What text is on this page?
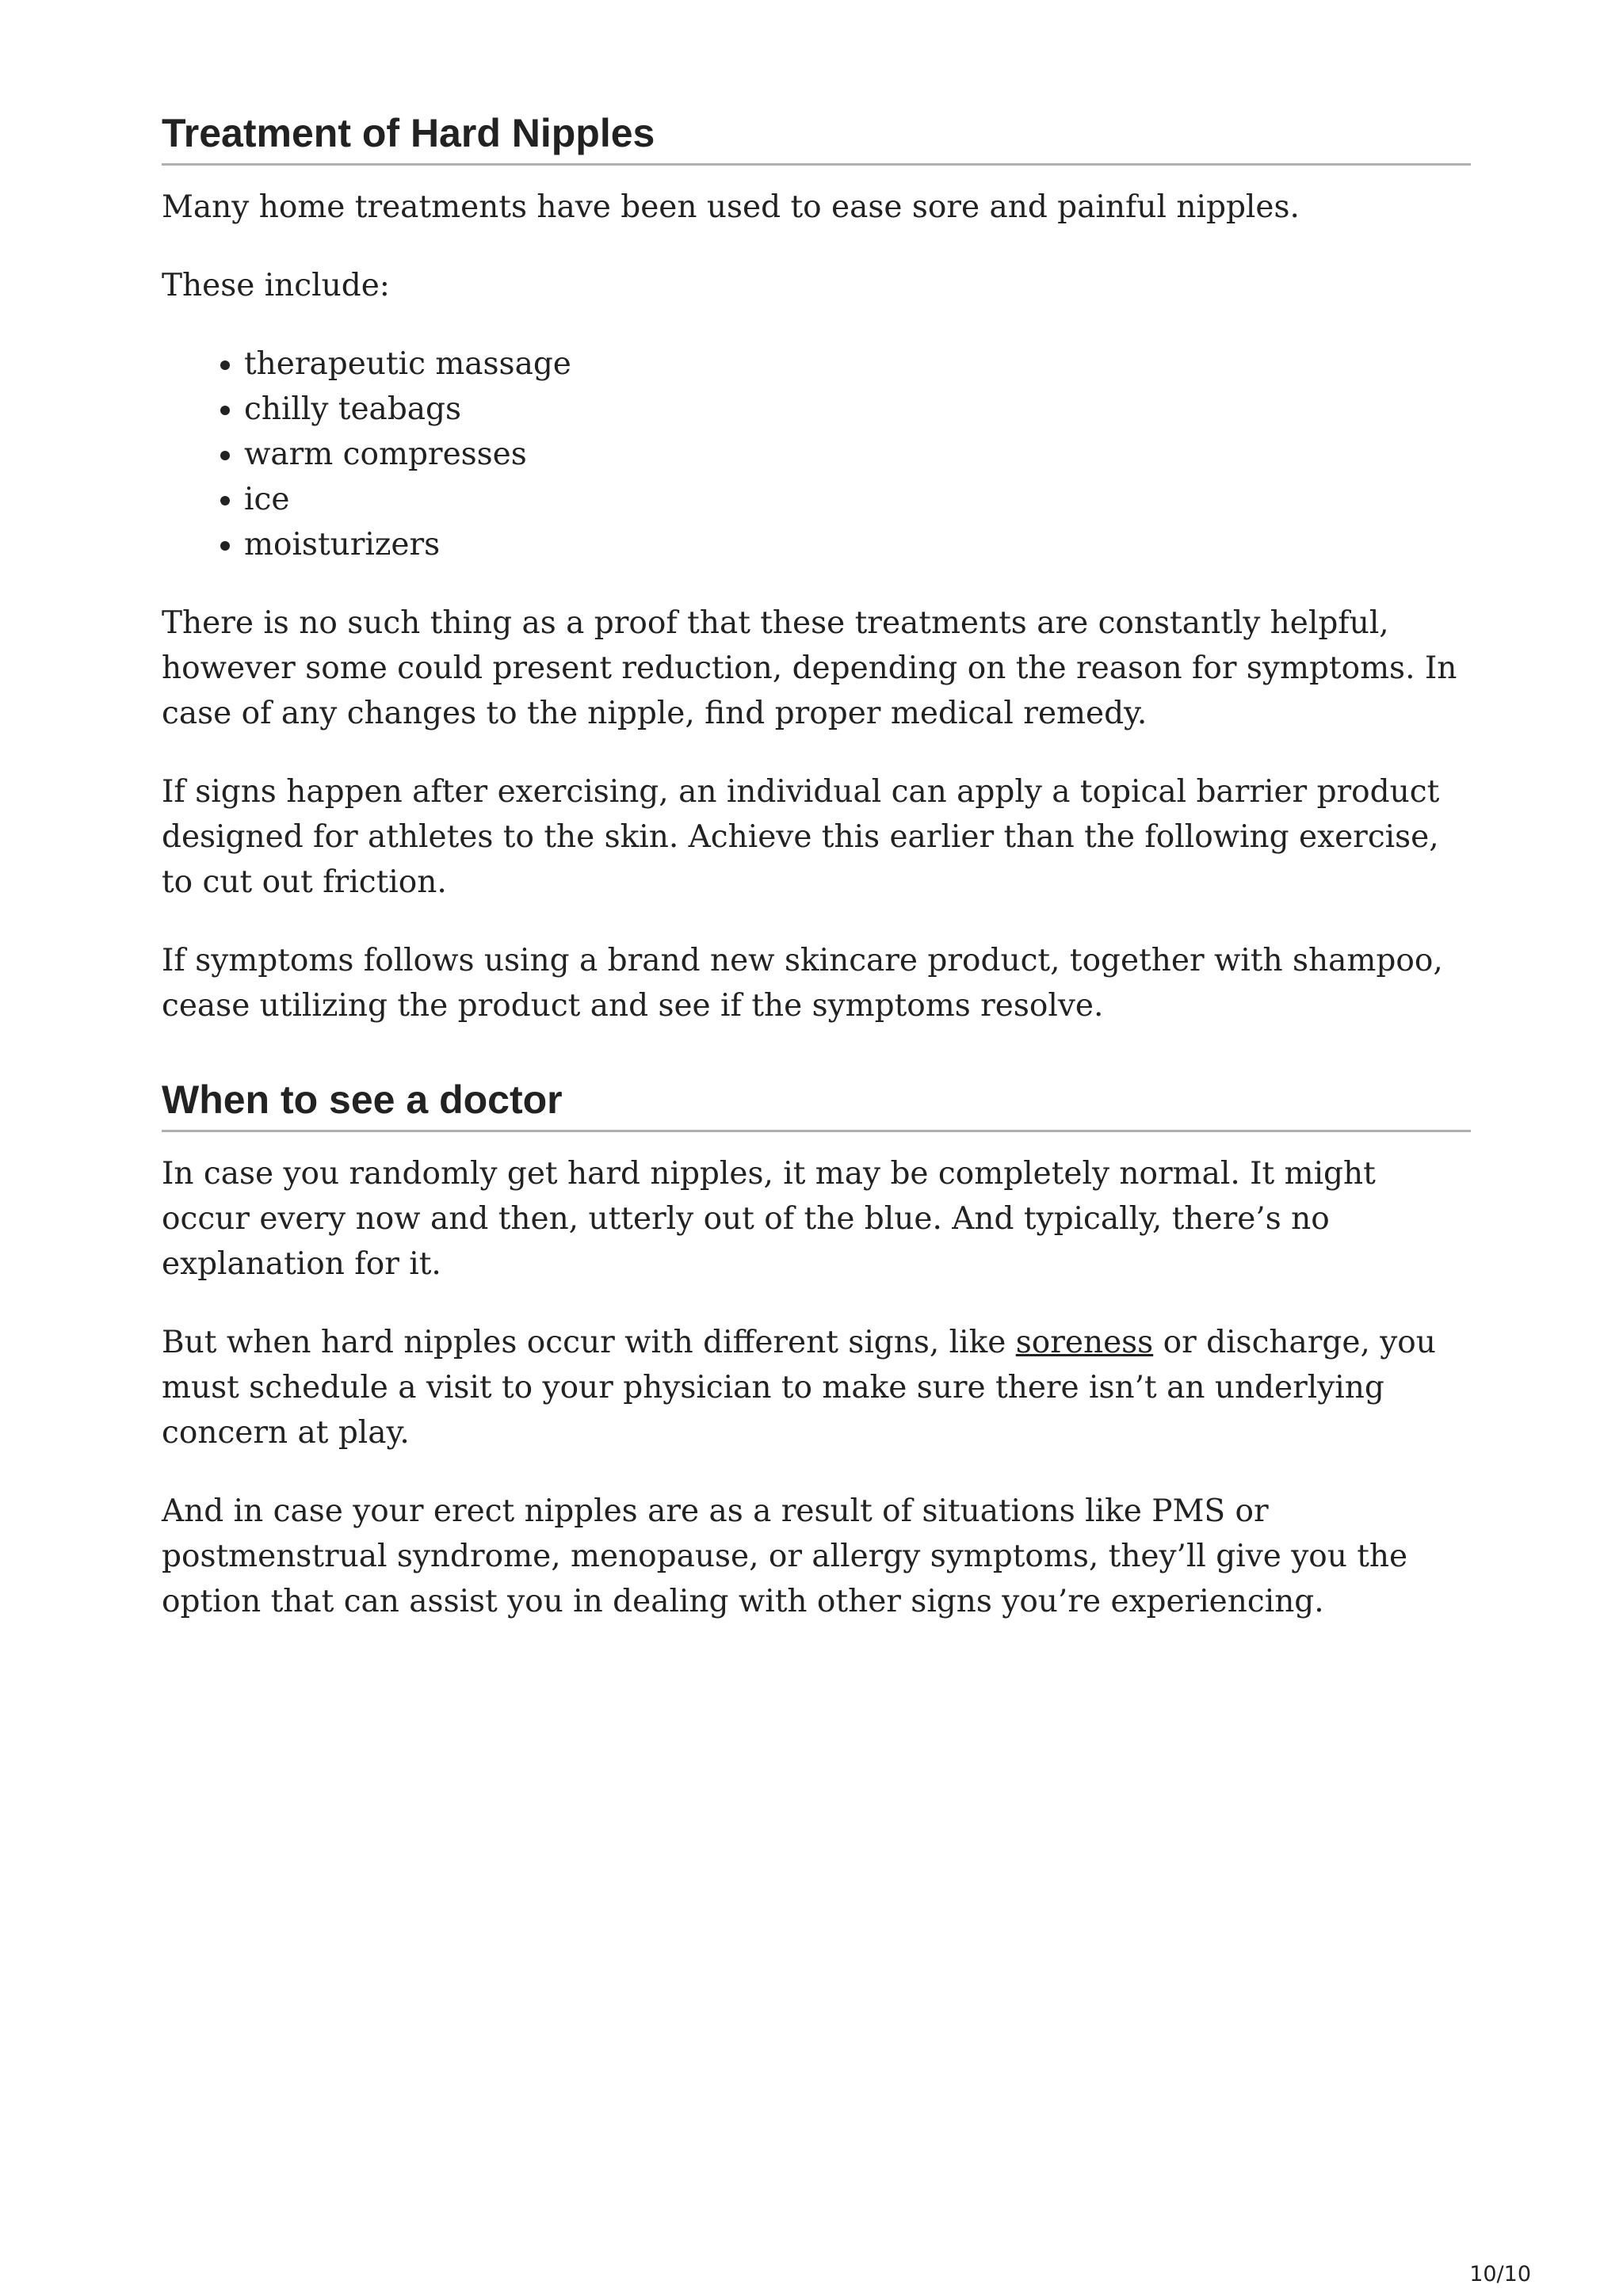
Treatment of Hard Nipples

Many home treatments have been used to ease sore and painful nipples.

These include:

• therapeutic massage
• chilly teabags
• warm compresses
• ice
• moisturizers

There is no such thing as a proof that these treatments are constantly helpful, however some could present reduction, depending on the reason for symptoms. In case of any changes to the nipple, find proper medical remedy.

If signs happen after exercising, an individual can apply a topical barrier product designed for athletes to the skin. Achieve this earlier than the following exercise, to cut out friction.

If symptoms follows using a brand new skincare product, together with shampoo, cease utilizing the product and see if the symptoms resolve.

When to see a doctor

In case you randomly get hard nipples, it may be completely normal. It might occur every now and then, utterly out of the blue. And typically, there’s no explanation for it.

But when hard nipples occur with different signs, like soreness or discharge, you must schedule a visit to your physician to make sure there isn’t an underlying concern at play.

And in case your erect nipples are as a result of situations like PMS or postmenstrual syndrome, menopause, or allergy symptoms, they’ll give you the option that can assist you in dealing with other signs you’re experiencing.

10/10
